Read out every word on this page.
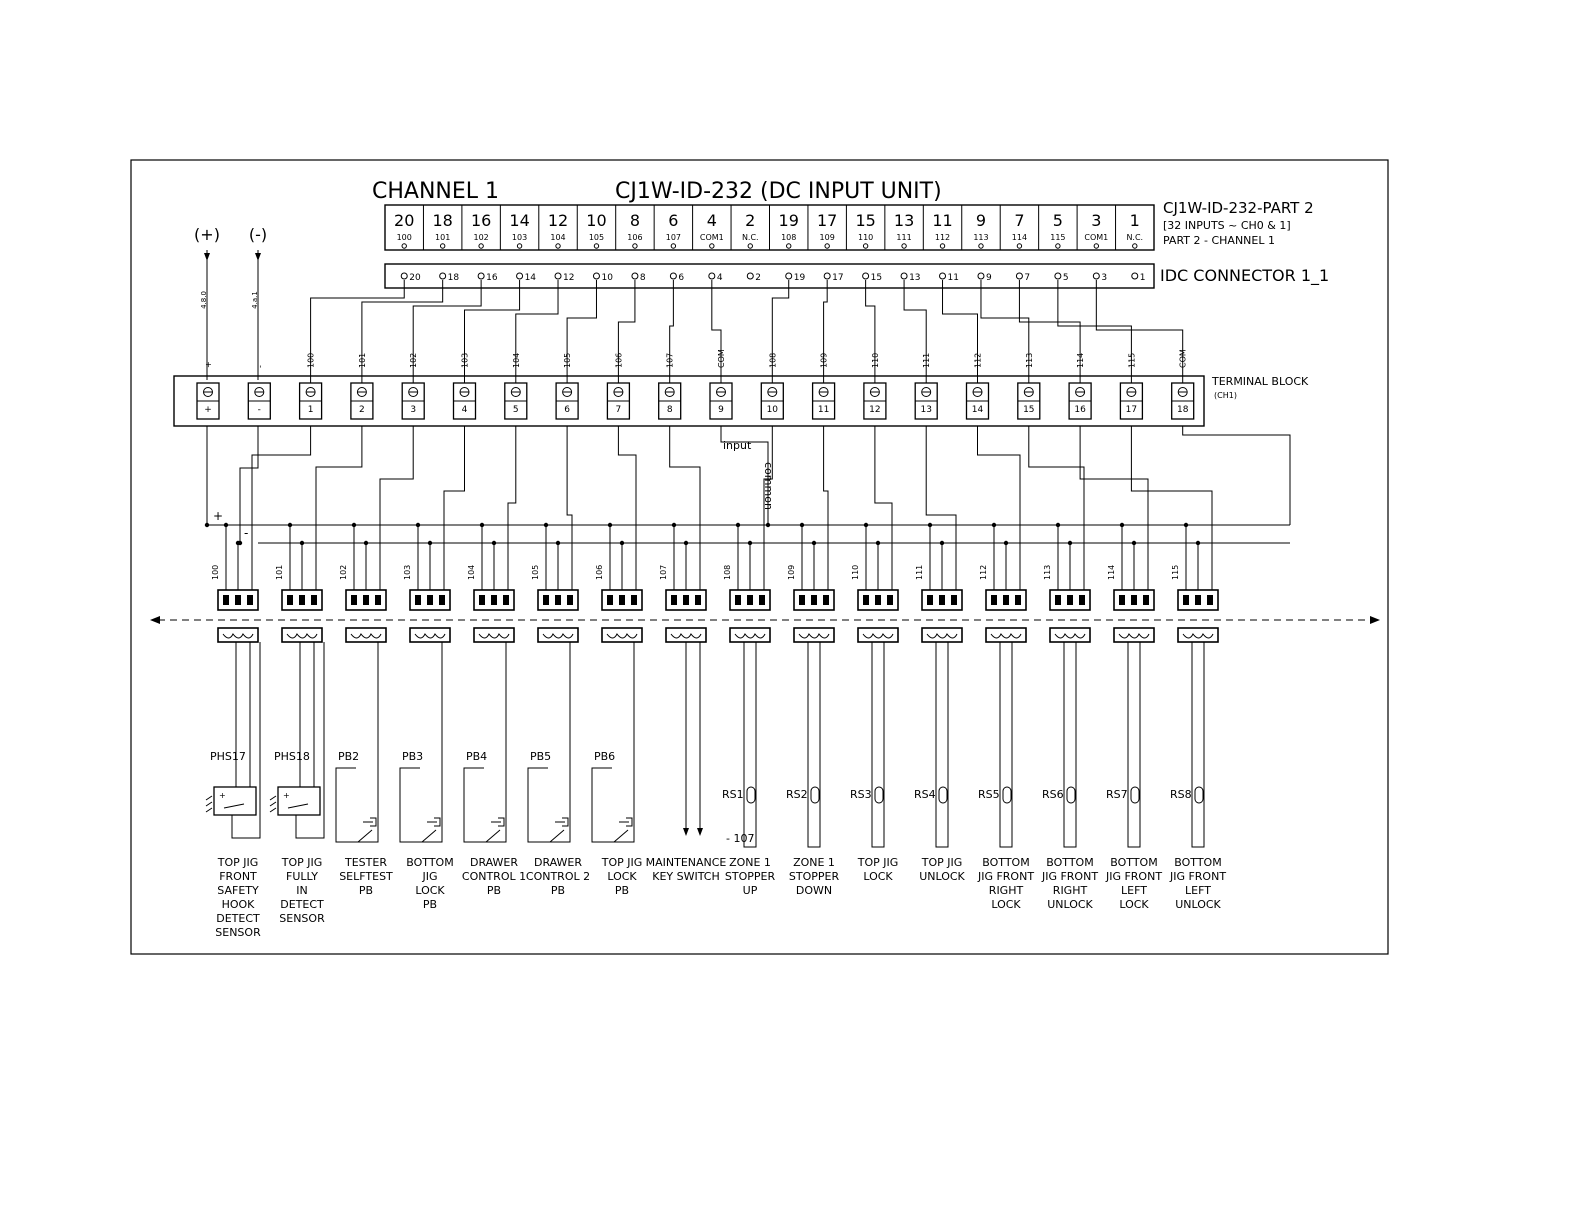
CHANNEL 1	CJ1W-ID-232 (DC INPUT UNIT)
CJ1W-ID-232-PART 2
[32 INPUTS ~ CH0 & 1]
PART 2 - CHANNEL 1
IDC CONNECTOR 1_1
TERMINAL BLOCK
(CH1)
(+) (-)
4.8.0	4.a.1
+
-
input
common
- 107
20
100
18
101
16
102
14
103
12
104
10
105
8
106
6
107
4
COM1
2
N.C.
19
108
17
109
15
110
13
111
11
112
9
113
7
114
5
115
3
COM1
1
N.C.
20	18	16	14	12	10	8	6	4	2	19	17	15	13	11	9	7	5	3	1
+
+
-
-
1
100
2
101
3
102
4
103
5
104
6
105
7
106
8
107
9
COM
10
108
11
109
12
110
13
111
14
112
15
113
16
114
17
115
18
COM
100
TOP JIG FRONT SAFETY HOOK DETECT SENSOR
PHS17
+
101
TOP JIG FULLY IN DETECT SENSOR
PHS18
+
102
TESTER SELFTEST PB
PB2
103
BOTTOM JIG LOCK PB
PB3
104
DRAWER CONTROL 1 PB
PB4
105
DRAWER CONTROL 2 PB
PB5
106
TOP JIG LOCK PB
PB6
107
MAINTENANCE KEY SWITCH
108
ZONE 1 STOPPER UP
RS1
109
ZONE 1 STOPPER DOWN
RS2
110
TOP JIG LOCK
RS3
111
TOP JIG UNLOCK
RS4
112
BOTTOM JIG FRONT RIGHT LOCK
RS5
113
BOTTOM JIG FRONT RIGHT UNLOCK
RS6
114
BOTTOM JIG FRONT LEFT LOCK
RS7
115
BOTTOM JIG FRONT LEFT UNLOCK
RS8
